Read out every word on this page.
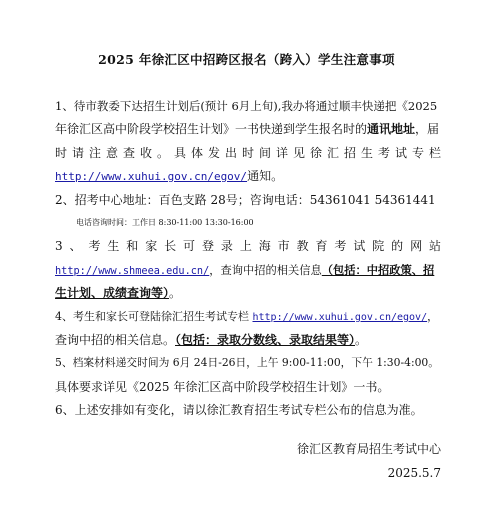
2025 年徐汇区中招跨区报名（跨入）学生注意事项
1、待市教委下达招生计划后(预计 6月上旬),我办将通过顺丰快递把《2025
年徐汇区高中阶段学校招生计划》一书快递到学生报名时的通讯地址，届
时请注意查收。具体发出时间详见徐汇招生考试专栏
http://www.xuhui.gov.cn/egov/通知。
2、招考中心地址：百色支路 28号；咨询电话：54361041 54361441
电话咨询时间：工作日 8:30-11:00 13:30-16:00
3、考生和家长可登录上海市教育考试院的网站
http://www.shmeea.edu.cn/，查询中招的相关信息（包括：中招政策、招
生计划、成绩查询等）。
4、考生和家长可登陆徐汇招生考试专栏 http://www.xuhui.gov.cn/egov/，
查询中招的相关信息。（包括：录取分数线、录取结果等）。
5、档案材料递交时间为 6月 24日-26日，上午 9:00-11:00，下午 1:30-4:00。
具体要求详见《2025 年徐汇区高中阶段学校招生计划》一书。
6、上述安排如有变化，请以徐汇教育招生考试专栏公布的信息为准。
徐汇区教育局招生考试中心
2025.5.7
